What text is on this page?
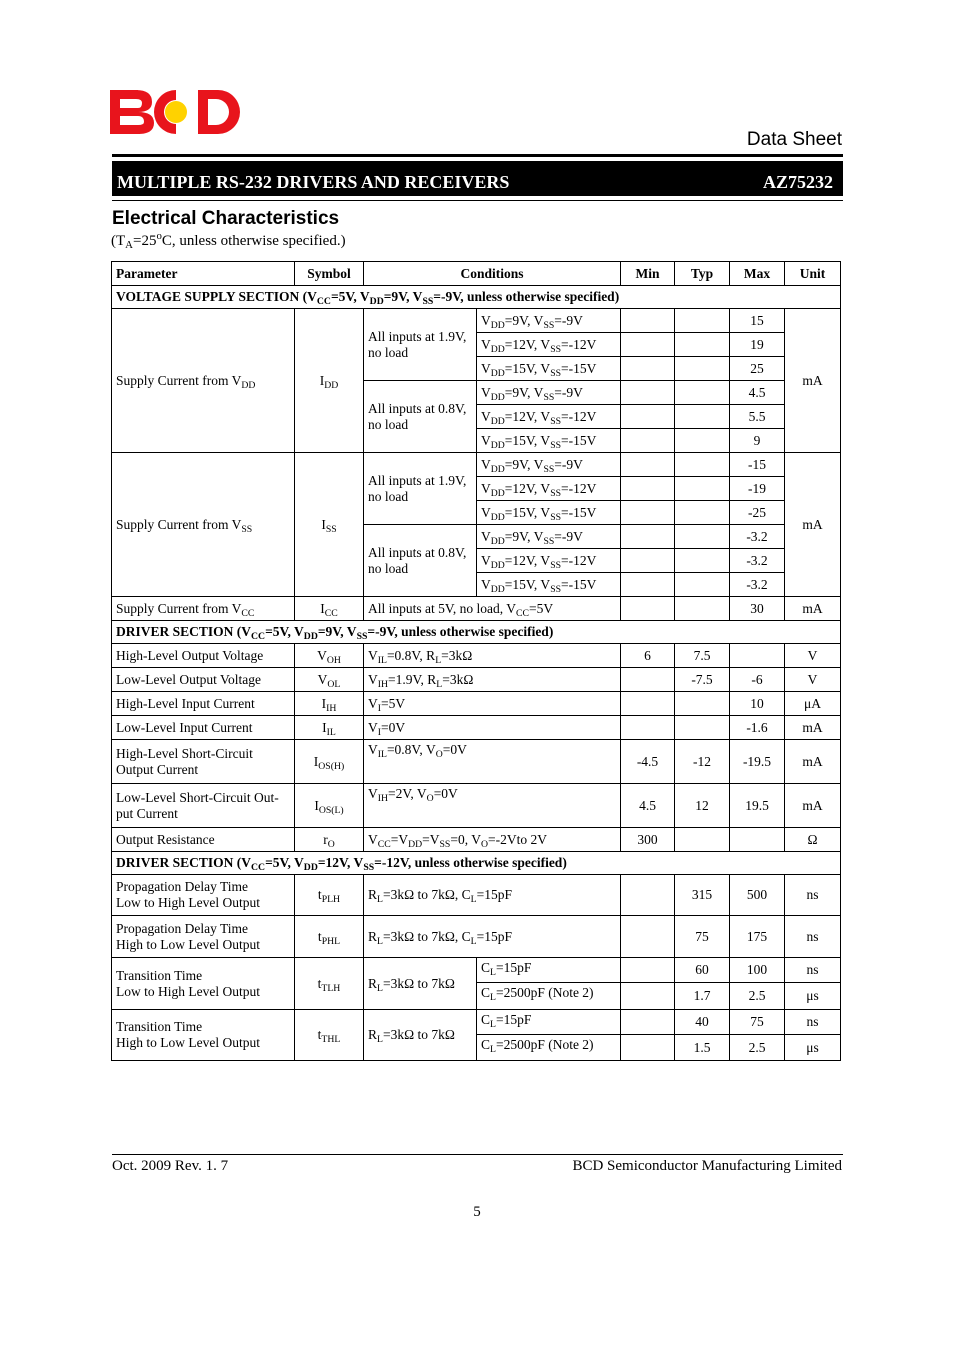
Data Sheet
MULTIPLE RS-232 DRIVERS AND RECEIVERS	AZ75232
Electrical Characteristics
($T_A=25^oC$, unless otherwise specified.)
Parameter	Symbol	Conditions		Min	Typ	Max	Unit
VOLTAGE SUPPLY SECTION ($V_{CC}=5V$, $V_{DD}=9V$, $V_{SS}=-9V$, unless otherwise specified)							
Supply Current from $V_{DD}$	$I_{DD}$	All inputs at 1.9V, no load	$V_{DD}=9V$, $V_{SS}=-9V$			15	mA
			$V_{DD}=12V$, $V_{SS}=-12V$			19	
			$V_{DD}=15V$, $V_{SS}=-15V$			25	
		All inputs at 0.8V, no load	$V_{DD}=9V$, $V_{SS}=-9V$			4.5	
			$V_{DD}=12V$, $V_{SS}=-12V$			5.5	
			$V_{DD}=15V$, $V_{SS}=-15V$			9	
Supply Current from $V_{SS}$	$I_{SS}$	All inputs at 1.9V, no load	$V_{DD}=9V$, $V_{SS}=-9V$			-15	mA
			$V_{DD}=12V$, $V_{SS}=-12V$			-19	
			$V_{DD}=15V$, $V_{SS}=-15V$			-25	
		All inputs at 0.8V, no load	$V_{DD}=9V$, $V_{SS}=-9V$			-3.2	
			$V_{DD}=12V$, $V_{SS}=-12V$			-3.2	
			$V_{DD}=15V$, $V_{SS}=-15V$			-3.2	
Supply Current from $V_{CC}$	$I_{CC}$	All inputs at 5V, no load, $V_{CC}=5V$				30	mA
DRIVER SECTION ($V_{CC}=5V$, $V_{DD}=9V$, $V_{SS}=-9V$, unless otherwise specified)							
High-Level Output Voltage	$V_{OH}$	$V_{IL}=0.8V$, $R_L=3k\Omega$		6	7.5		V
Low-Level Output Voltage	$V_{OL}$	$V_{IH}=1.9V$, $R_L=3k\Omega$			-7.5	-6	V
High-Level Input Current	$I_{IH}$	$V_I=5V$				10	μA
Low-Level Input Current	$I_{IL}$	$V_I=0V$				-1.6	mA
High-Level Short-Circuit
Output Current	$I_{OS(H)}$	$V_{IL}=0.8V$, $V_O=0V$		-4.5	-12	-19.5	mA
Low-Level Short-Circuit Out-
put Current	$I_{OS(L)}$	$V_{IH}=2V$, $V_O=0V$		4.5	12	19.5	mA
Output Resistance	$r_O$	$V_{CC}=V_{DD}=V_{SS}=0$, $V_O=-2Vto$ 2V		300			Ω
DRIVER SECTION ($V_{CC}=5V$, $V_{DD}=12V$, $V_{SS}=-12V$, unless otherwise specified)							
Propagation Delay Time
Low to High Level Output	$t_{PLH}$	$R_L=3k\Omega$ to 7kΩ, $C_L=15pF$			315	500	ns
Propagation Delay Time
High to Low Level Output	$t_{PHL}$	$R_L=3k\Omega$ to 7kΩ, $C_L=15pF$			75	175	ns
Transition Time
Low to High Level Output	$t_{TLH}$	$R_L=3k\Omega$ to 7kΩ	$C_L=15pF$		60	100	ns
			$C_L=2500pF$ (Note 2)		1.7	2.5	μs
Transition Time
High to Low Level Output	$t_{THL}$	$R_L=3k\Omega$ to 7kΩ	$C_L=15pF$		40	75	ns
			$C_L=2500pF$ (Note 2)		1.5	2.5	μs
Oct. 2009 Rev. 1. 7	BCD Semiconductor Manufacturing Limited
5
